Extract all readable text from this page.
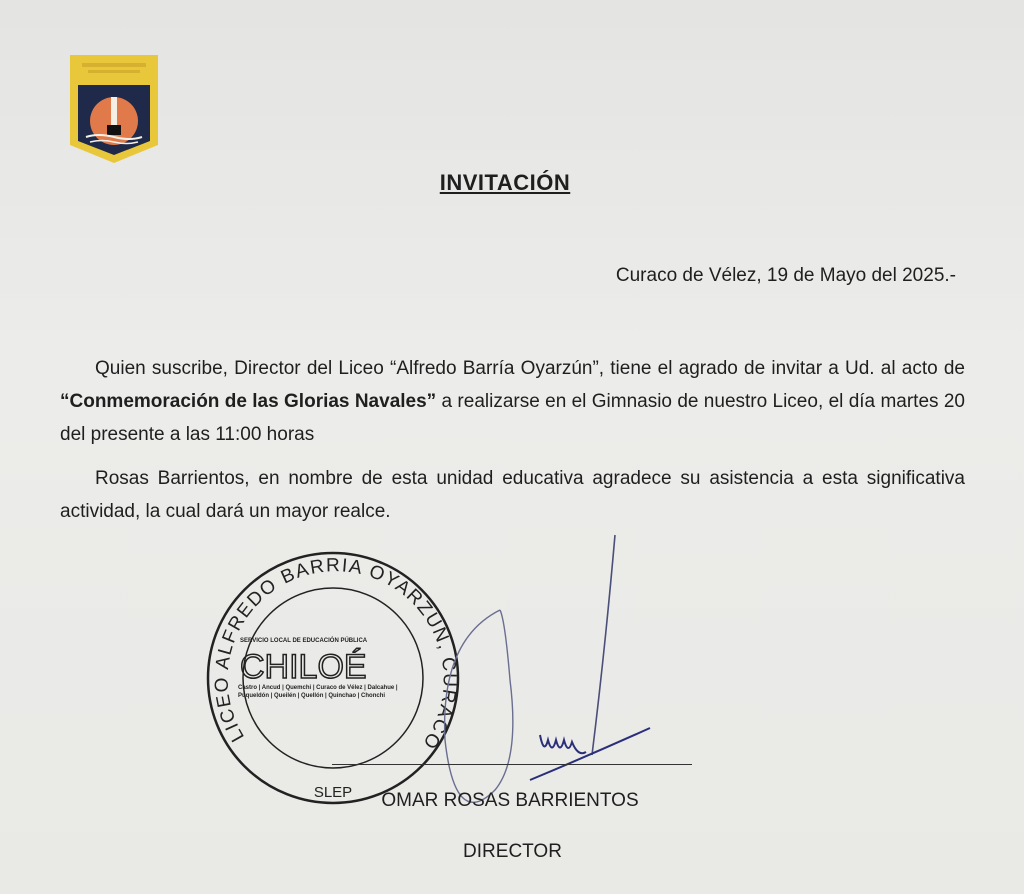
INVITACIÓN
Curaco de Vélez, 19 de Mayo del 2025.-

Quien suscribe, Director del Liceo “Alfredo Barría Oyarzún”, tiene el agrado de invitar a Ud. al acto de “Conmemoración de las Glorias Navales” a realizarse en el Gimnasio de nuestro Liceo, el día martes 20 del presente a las 11:00 horas

Rosas Barrientos, en nombre de esta unidad educativa agradece su asistencia a esta significativa actividad, la cual dará un mayor realce.

LICEO ALFREDO BARRIA OYARZUN, CURACO
SLEP
SERVICIO LOCAL DE EDUCACIÓN PÚBLICA
CHILOÉ
Castro | Ancud | Quemchi | Curaco de Vélez | Dalcahue | Puqueldón | Queilén | Quellón | Quinchao | Chonchi
OMAR ROSAS BARRIENTOS
DIRECTOR
